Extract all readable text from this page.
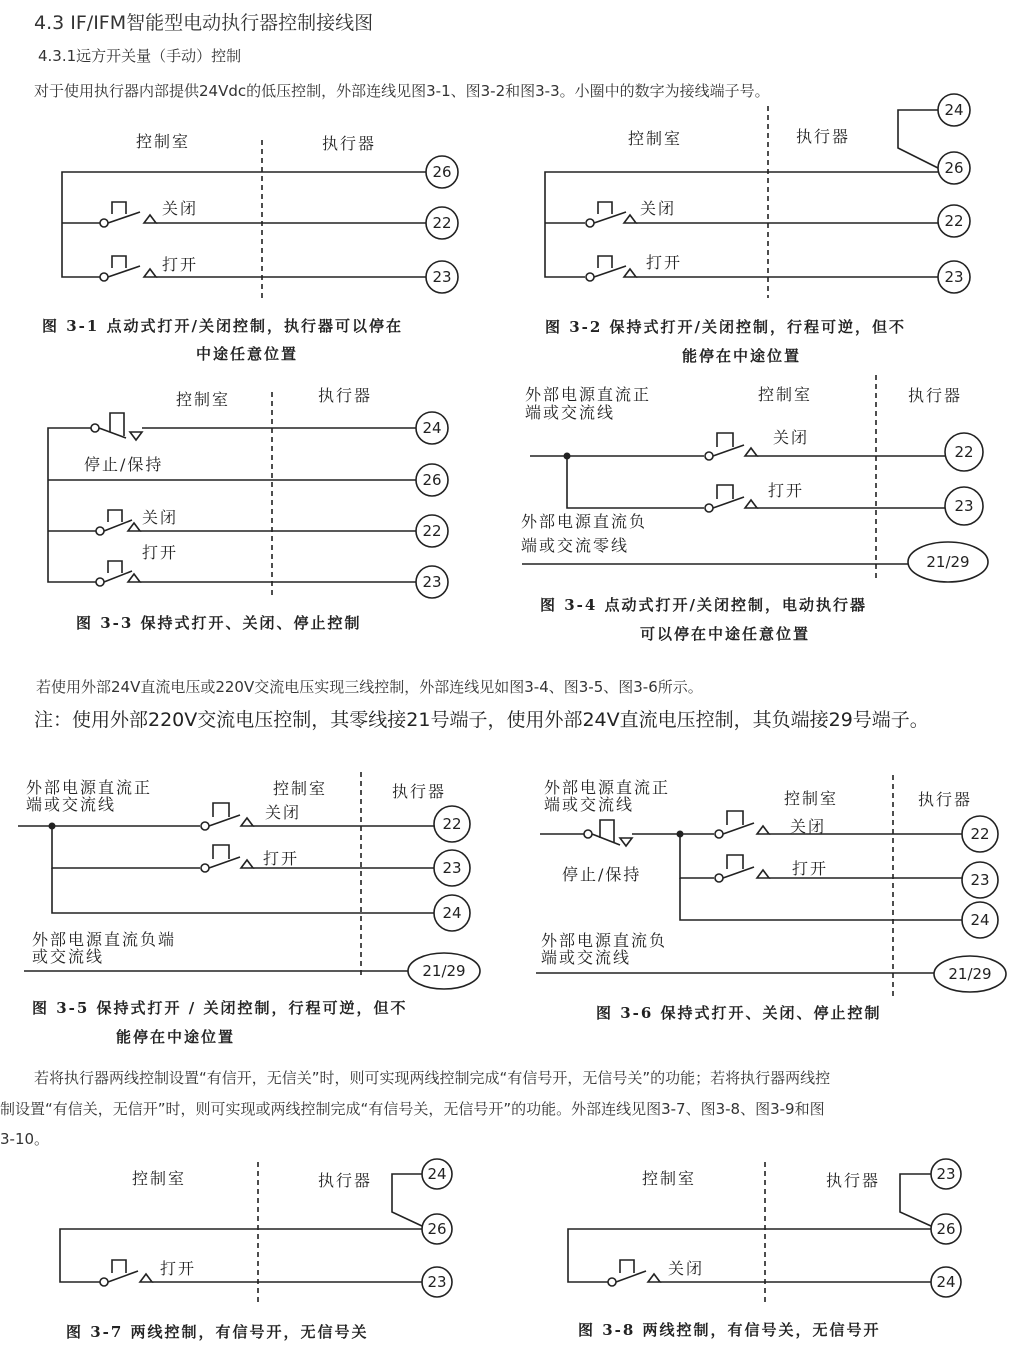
4.3 IF/IFM智能型电动执行器控制接线图
4.3.1远方开关量（手动）控制
对于使用执行器内部提供24Vdc的低压控制，外部连线见图3-1、图3-2和图3-3。小圈中的数字为接线端子号。
若使用外部24V直流电压或220V交流电压实现三线控制，外部连线见如图3-4、图3-5、图3-6所示。
注：使用外部220V交流电压控制，其零线接21号端子，使用外部24V直流电压控制，其负端接29号端子。
若将执行器两线控制设置“有信开，无信关”时，则可实现两线控制完成“有信号开，无信号关”的功能；若将执行器两线控
制设置“有信关，无信开”时，则可实现或两线控制完成“有信号关，无信号开”的功能。外部连线见图3-7、图3-8、图3-9和图
3-10。
控制室	执行器
关闭
打开
26
22
23
图 3-1 点动式打开/关闭控制，执行器可以停在
中途任意位置
控制室	执行器
关闭
打开
24
26
22
23
图 3-2 保持式打开/关闭控制，行程可逆，但不
能停在中途位置
控制室	执行器
停止/保持
关闭
打开
24
26
22
23
图 3-3 保持式打开、关闭、停止控制
外部电源直流正
端或交流线
控制室	执行器
关闭
打开
外部电源直流负
端或交流零线
22
23
21/29
图 3-4 点动式打开/关闭控制，电动执行器
可以停在中途任意位置
外部电源直流正
端或交流线
控制室	执行器
关闭
打开
外部电源直流负端
或交流线
22
23
24
21/29
图 3-5 保持式打开 / 关闭控制，行程可逆，但不
能停在中途位置
外部电源直流正
端或交流线	控制室	执行器
停止/保持
关闭
打开
外部电源直流负
端或交流线
22
23
24
21/29
图 3-6 保持式打开、关闭、停止控制
控制室	执行器
打开
24
26
23
图 3-7 两线控制，有信号开，无信号关
控制室	执行器
关闭
23
26
24
图 3-8 两线控制，有信号关，无信号开
